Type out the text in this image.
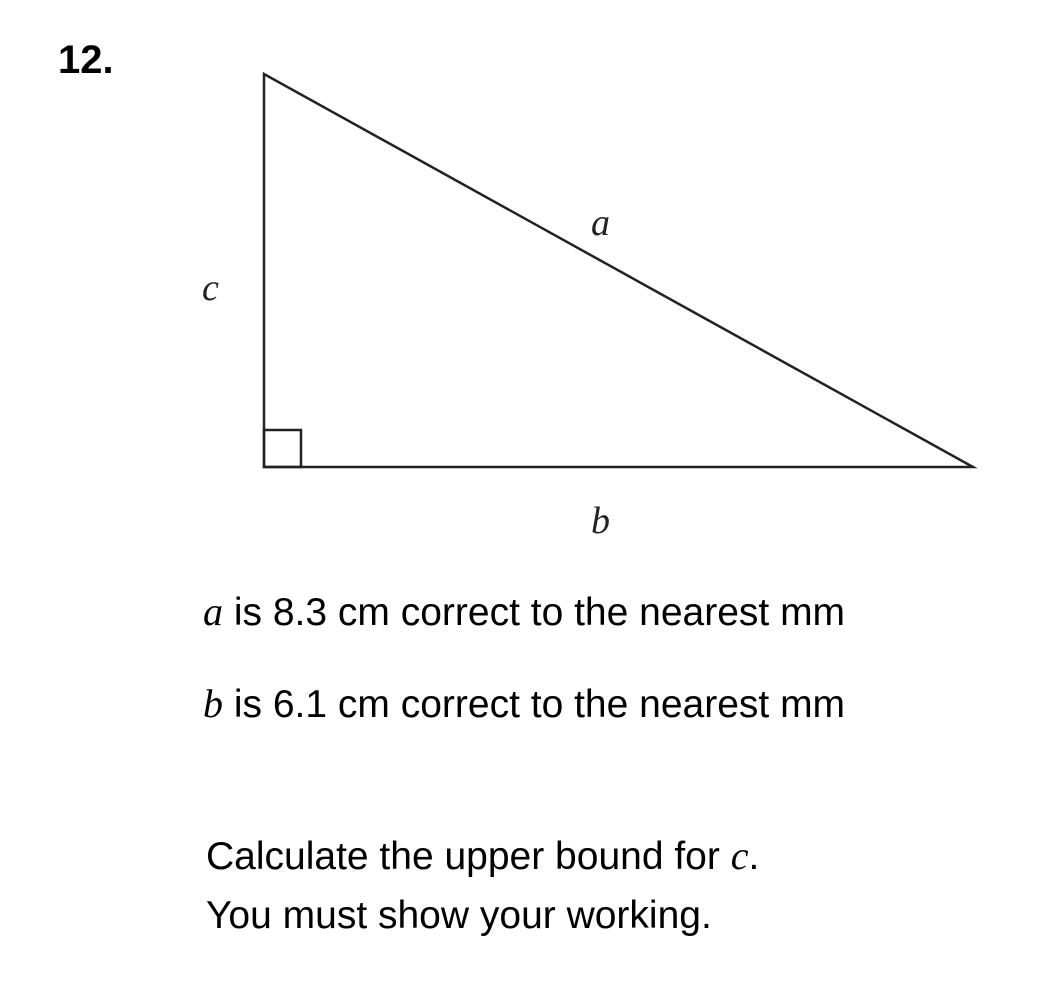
12.
a
c
b
a is 8.3 cm correct to the nearest mm
b is 6.1 cm correct to the nearest mm
Calculate the upper bound for c.
You must show your working.
